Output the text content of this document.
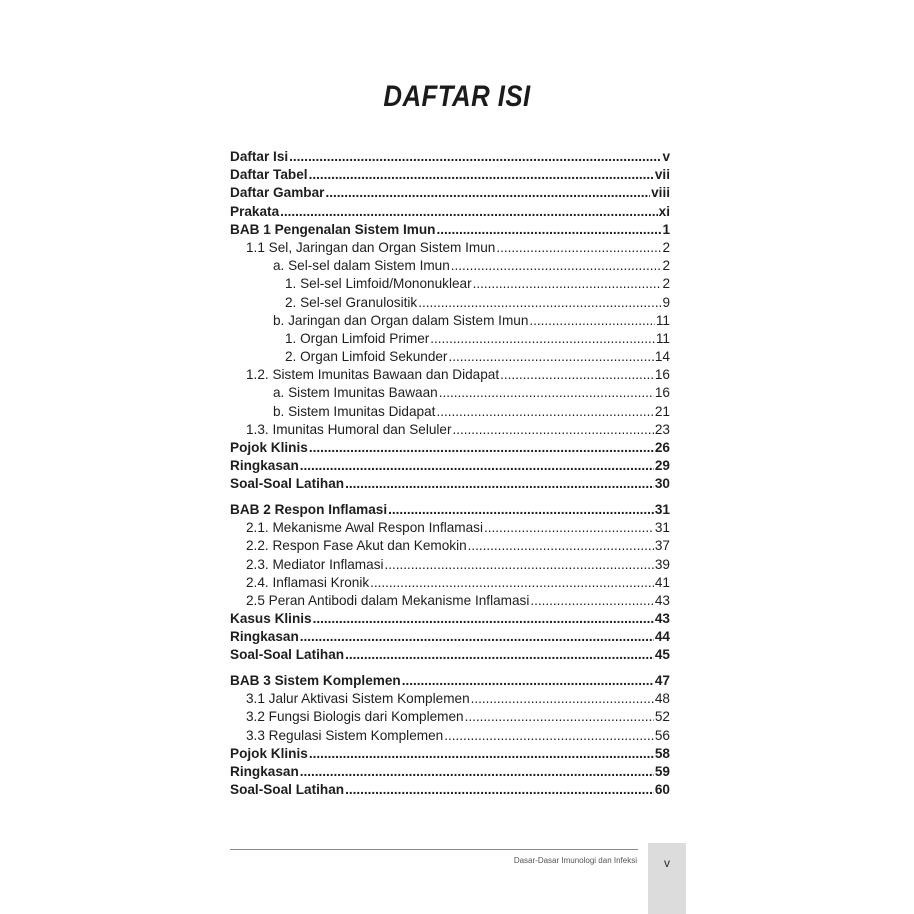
DAFTAR ISI
Daftar Isi . . .	v
Daftar Tabel . . .	vii
Daftar Gambar . . .	viii
Prakata . . .	xi
BAB 1 Pengenalan Sistem Imun . . .	1
1.1 Sel, Jaringan dan Organ Sistem Imun . . .	2
a. Sel-sel dalam Sistem Imun . . .	2
1. Sel-sel Limfoid/Mononuklear . . .	2
2. Sel-sel Granulositik . . .	9
b. Jaringan dan Organ dalam Sistem Imun . . .	11
1. Organ Limfoid Primer . . .	11
2. Organ Limfoid Sekunder . . .	14
1.2. Sistem Imunitas Bawaan dan Didapat . . .	16
a. Sistem Imunitas Bawaan . . .	16
b. Sistem Imunitas Didapat . . .	21
1.3. Imunitas Humoral dan Seluler . . .	23
Pojok Klinis . . .	26
Ringkasan . . .	29
Soal-Soal Latihan . . .	30
BAB 2 Respon Inflamasi . . .	31
2.1. Mekanisme Awal Respon Inflamasi . . .	31
2.2. Respon Fase Akut dan Kemokin . . .	37
2.3. Mediator Inflamasi . . .	39
2.4. Inflamasi Kronik . . .	41
2.5 Peran Antibodi dalam Mekanisme Inflamasi . . .	43
Kasus Klinis . . .	43
Ringkasan . . .	44
Soal-Soal Latihan . . .	45
BAB 3 Sistem Komplemen . . .	47
3.1 Jalur Aktivasi Sistem Komplemen . . .	48
3.2 Fungsi Biologis dari Komplemen . . .	52
3.3 Regulasi Sistem Komplemen . . .	56
Pojok Klinis . . .	58
Ringkasan . . .	59
Soal-Soal Latihan . . .	60
Dasar-Dasar Imunologi dan Infeksi	v
